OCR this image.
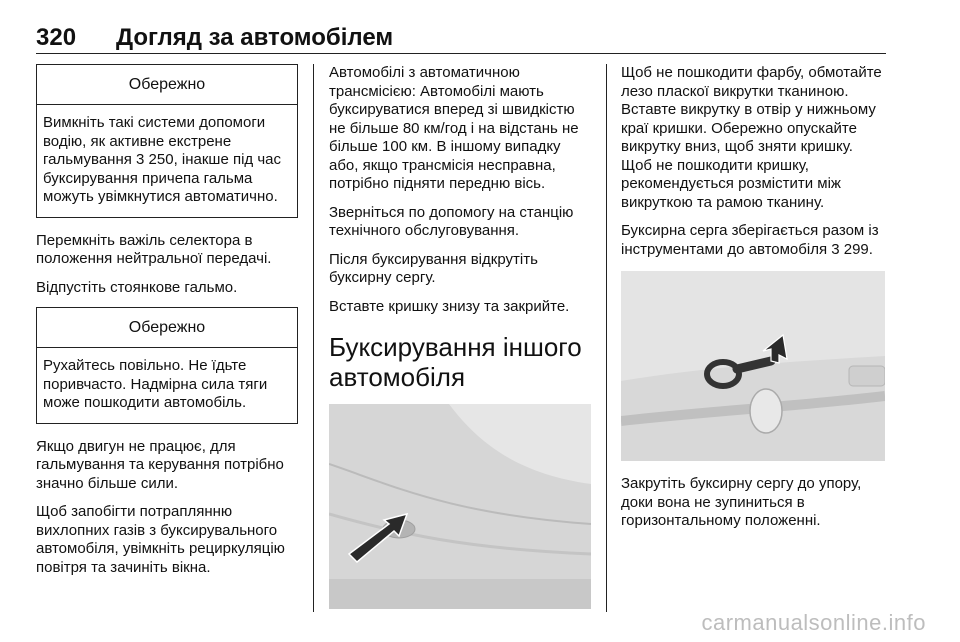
320 Догляд за автомобілем
Обережно
Вимкніть такі системи допомоги водію, як активне екстрене гальмування 3 250, інакше під час буксирування причепа гальма можуть увімкнутися автоматично.

Перемкніть важіль селектора в положення нейтральної передачі.

Відпустіть стоянкове гальмо.

Обережно
Рухайтесь повільно. Не їдьте поривчасто. Надмірна сила тяги може пошкодити автомобіль.

Якщо двигун не працює, для гальмування та керування потрібно значно більше сили.

Щоб запобігти потраплянню вихлопних газів з буксирувального автомобіля, увімкніть рециркуляцію повітря та зачиніть вікна.

Автомобілі з автоматичною трансмісією: Автомобілі мають буксируватися вперед зі швидкістю не більше 80 км/год і на відстань не більше 100 км. В іншому випадку або, якщо трансмісія несправна, потрібно підняти передню вісь.

Зверніться по допомогу на станцію технічного обслуговування.

Після буксирування відкрутіть буксирну сергу.

Вставте кришку знизу та закрийте.

Буксирування іншого автомобіля

Щоб не пошкодити фарбу, обмотайте лезо пласкої викрутки тканиною. Вставте викрутку в отвір у нижньому краї кришки. Обережно опускайте викрутку вниз, щоб зняти кришку. Щоб не пошкодити кришку, рекомендується розмістити між викруткою та рамою тканину.

Буксирна серга зберігається разом із інструментами до автомобіля 3 299.

Закрутіть буксирну сергу до упору, доки вона не зупиниться в горизонтальному положенні.

carmanualsonline.info
